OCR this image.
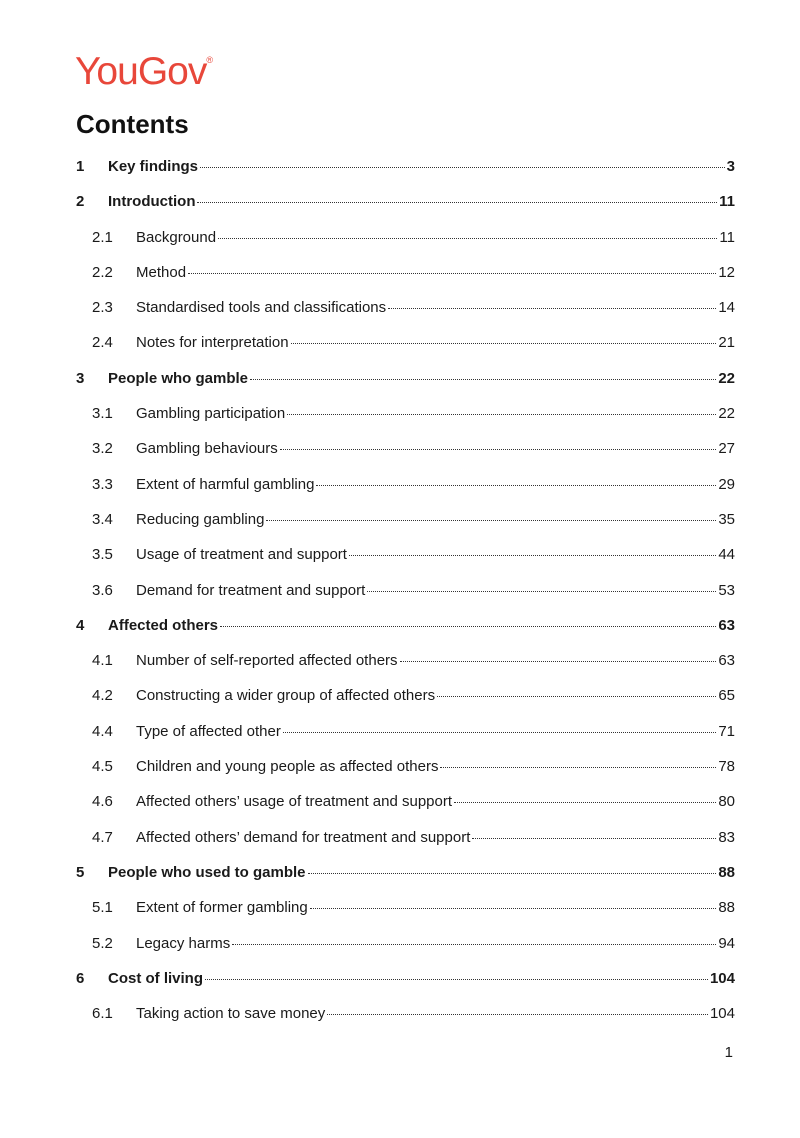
YouGov®
Contents
1	Key findings	3
2	Introduction	11
2.1	Background	11
2.2	Method	12
2.3	Standardised tools and classifications	14
2.4	Notes for interpretation	21
3	People who gamble	22
3.1	Gambling participation	22
3.2	Gambling behaviours	27
3.3	Extent of harmful gambling	29
3.4	Reducing gambling	35
3.5	Usage of treatment and support	44
3.6	Demand for treatment and support	53
4	Affected others	63
4.1	Number of self-reported affected others	63
4.2	Constructing a wider group of affected others	65
4.4	Type of affected other	71
4.5	Children and young people as affected others	78
4.6	Affected others’ usage of treatment and support	80
4.7	Affected others’ demand for treatment and support	83
5	People who used to gamble	88
5.1	Extent of former gambling	88
5.2	Legacy harms	94
6	Cost of living	104
6.1	Taking action to save money	104
1
